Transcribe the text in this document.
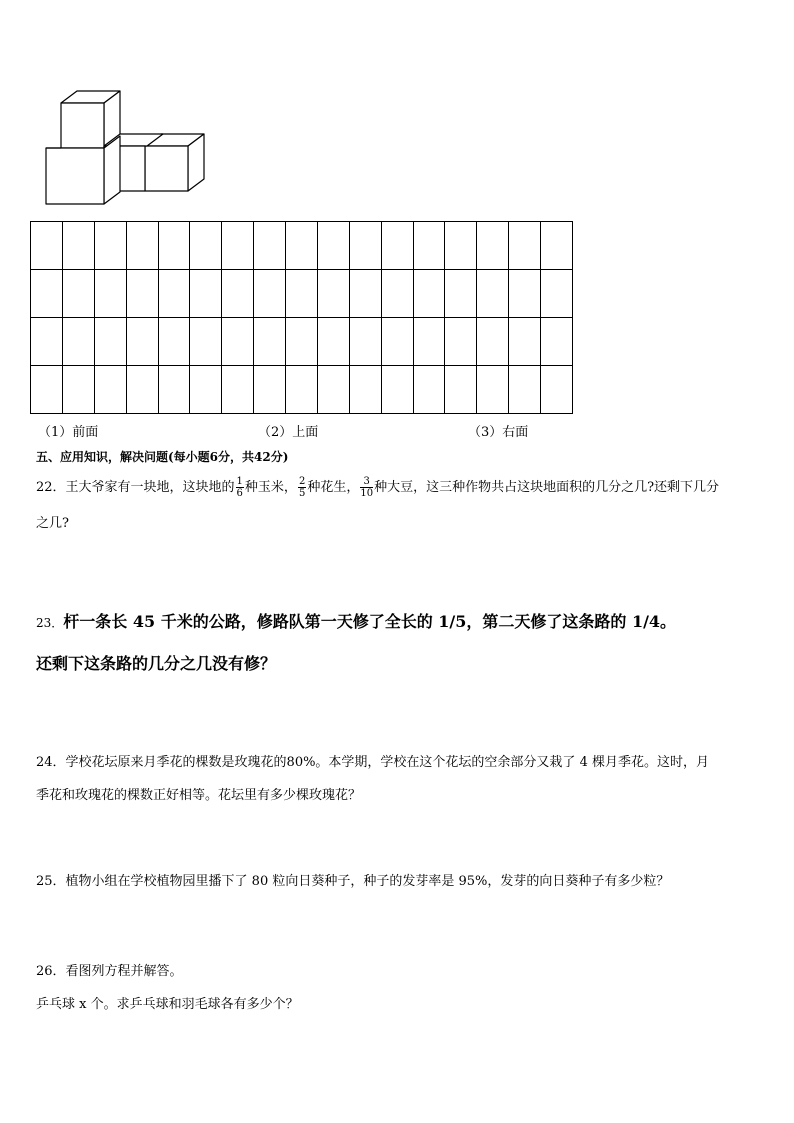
（1）前面	（2）上面	（3）右面
五、应用知识，解决问题(每小题6分，共42分)
22．王大爷家有一块地，这块地的 $\frac{1}{6}$ 种玉米， $\frac{2}{5}$ 种花生， $\frac{3}{10}$ 种大豆，这三种作物共占这块地面积的几分之几?还剩下几分
之几?
23．杆一条长 45 千米的公路，修路队第一天修了全长的 1/5，第二天修了这条路的 1/4。
还剩下这条路的几分之几没有修？
24．学校花坛原来月季花的棵数是玫瑰花的80%。本学期，学校在这个花坛的空余部分又栽了 4 棵月季花。这时，月
季花和玫瑰花的棵数正好相等。花坛里有多少棵玫瑰花？
25．植物小组在学校植物园里播下了 80 粒向日葵种子，种子的发芽率是 95%，发芽的向日葵种子有多少粒？
26．看图列方程并解答。
乒乓球 x 个。求乒乓球和羽毛球各有多少个？
